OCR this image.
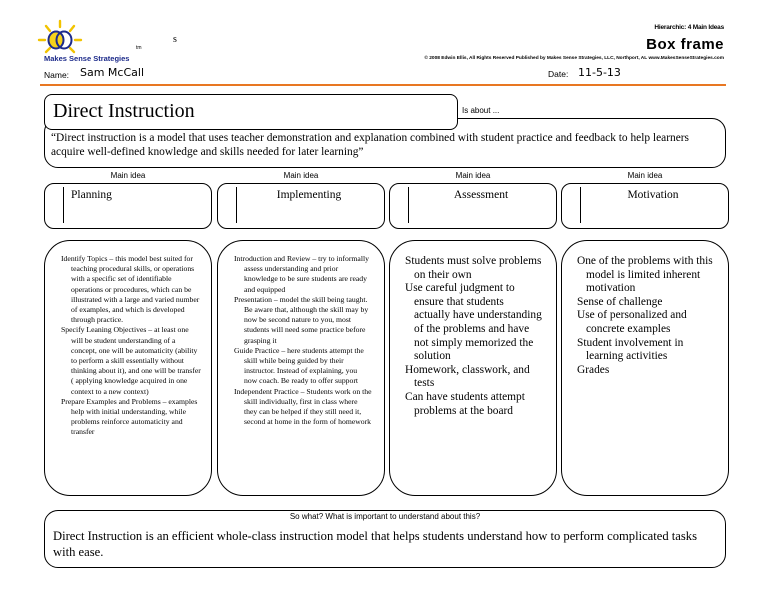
Makes Sense Strategies
tm
s
Name: Sam McCall
Hierarchic: 4 Main Ideas
Box frame
© 2008 Edwin Ellis, All Rights Reserved Published by Makes Sense Strategies, LLC, Northport, AL www.MakesSenseStrategies.com
Date: 11-5-13
“Direct instruction is a model that uses teacher demonstration and explanation combined with student practice and feedback to help learners acquire well-defined knowledge and skills needed for later learning”
Direct Instruction	Is about ...
Main idea	Main idea	Main idea	Main idea
Planning	Implementing	Assessment	Motivation
Identify Topics – this model best suited for teaching procedural skills, or operations with a specific set of identifiable operations or procedures, which can be illustrated with a large and varied number of examples, and which is developed through practice.
Specify Leaning Objectives – at least one will be student understanding of a concept, one will be automaticity (ability to perform a skill essentially without thinking about it), and one will be transfer ( applying knowledge acquired in one context to a new context)
Prepare Examples and Problems – examples help with initial understanding, while problems reinforce automaticity and transfer
Introduction and Review – try to informally assess understanding and prior knowledge to be sure students are ready and equipped
Presentation – model the skill being taught. Be aware that, although the skill may by now be second nature to you, most students will need some practice before grasping it
Guide Practice – here students attempt the skill while being guided by their instructor. Instead of explaining, you now coach. Be ready to offer support
Independent Practice – Students work on the skill individually, first in class where they can be helped if they still need it, second at home in the form of homework
Students must solve problems on their own
Use careful judgment to ensure that students actually have understanding of the problems and have not simply memorized the solution
Homework, classwork, and tests
Can have students attempt problems at the board
One of the problems with this model is limited inherent motivation
Sense of challenge
Use of personalized and concrete examples
Student involvement in learning activities
Grades
So what? What is important to understand about this?
Direct Instruction is an efficient whole-class instruction model that helps students understand how to perform complicated tasks with ease.
